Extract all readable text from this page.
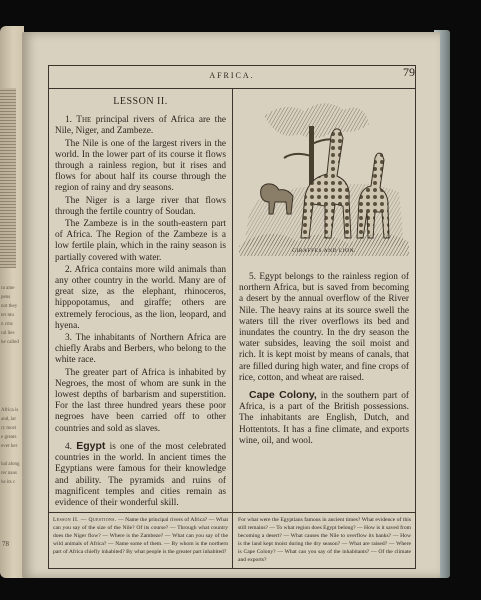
ra ame
pens
not they
ter mu
n cms
ral lies
he called
Africa is
and, lar
ry most
e greats
ever her

hal along
rer naus
he its c
78
AFRICA.	79

LESSON II.

1. The principal rivers of Africa are the Nile, Niger, and Zambeze.

The Nile is one of the largest rivers in the world. In the lower part of its course it flows through a rainless region, but it rises and flows for about half its course through the region of rainy and dry seasons.

The Niger is a large river that flows through the fertile country of Soudan.

The Zambeze is in the south-eastern part of Africa. The Region of the Zambeze is a low fertile plain, which in the rainy season is partially covered with water.

2. Africa contains more wild animals than any other country in the world. Many are of great size, as the elephant, rhinoceros, hippopotamus, and giraffe; others are extremely ferocious, as the lion, leopard, and hyena.

3. The inhabitants of Northern Africa are chiefly Arabs and Berbers, who belong to the white race.

The greater part of Africa is inhabited by Negroes, the most of whom are sunk in the lowest depths of barbarism and superstition. For the last three hundred years these poor negroes have been carried off to other countries and sold as slaves.

4. Egypt is one of the most celebrated countries in the world. In ancient times the Egyptians were famous for their knowledge and ability. The pyramids and ruins of magnificent temples and cities remain as evidence of their wonderful skill.

GIRAFFES AND LION.

5. Egypt belongs to the rainless region of northern Africa, but is saved from becoming a desert by the annual overflow of the River Nile. The heavy rains at its source swell the waters till the river overflows its bed and inundates the country. In the dry season the water subsides, leaving the soil moist and rich. It is kept moist by means of canals, that are filled during high water, and fine crops of rice, cotton, and wheat are raised.

Cape Colony, in the southern part of Africa, is a part of the British possessions. The inhabitants are English, Dutch, and Hottentots. It has a fine climate, and exports wine, oil, and wool.

Lesson II. — Questions. — Name the principal rivers of Africa? — What can you say of the size of the Nile? Of its course? — Through what country does the Niger flow? — Where is the Zambeze? — What can you say of the wild animals of Africa? — Name some of them. — By whom is the northern part of Africa chiefly inhabited? By what people is the greater part inhabited?
For what were the Egyptians famous in ancient times? What evidence of this still remains? — To what region does Egypt belong? — How is it saved from becoming a desert? — What causes the Nile to overflow its banks? — How is the land kept moist during the dry season? — What are raised? — Where is Cape Colony? — What can you say of the inhabitants? — Of the climate and exports?
